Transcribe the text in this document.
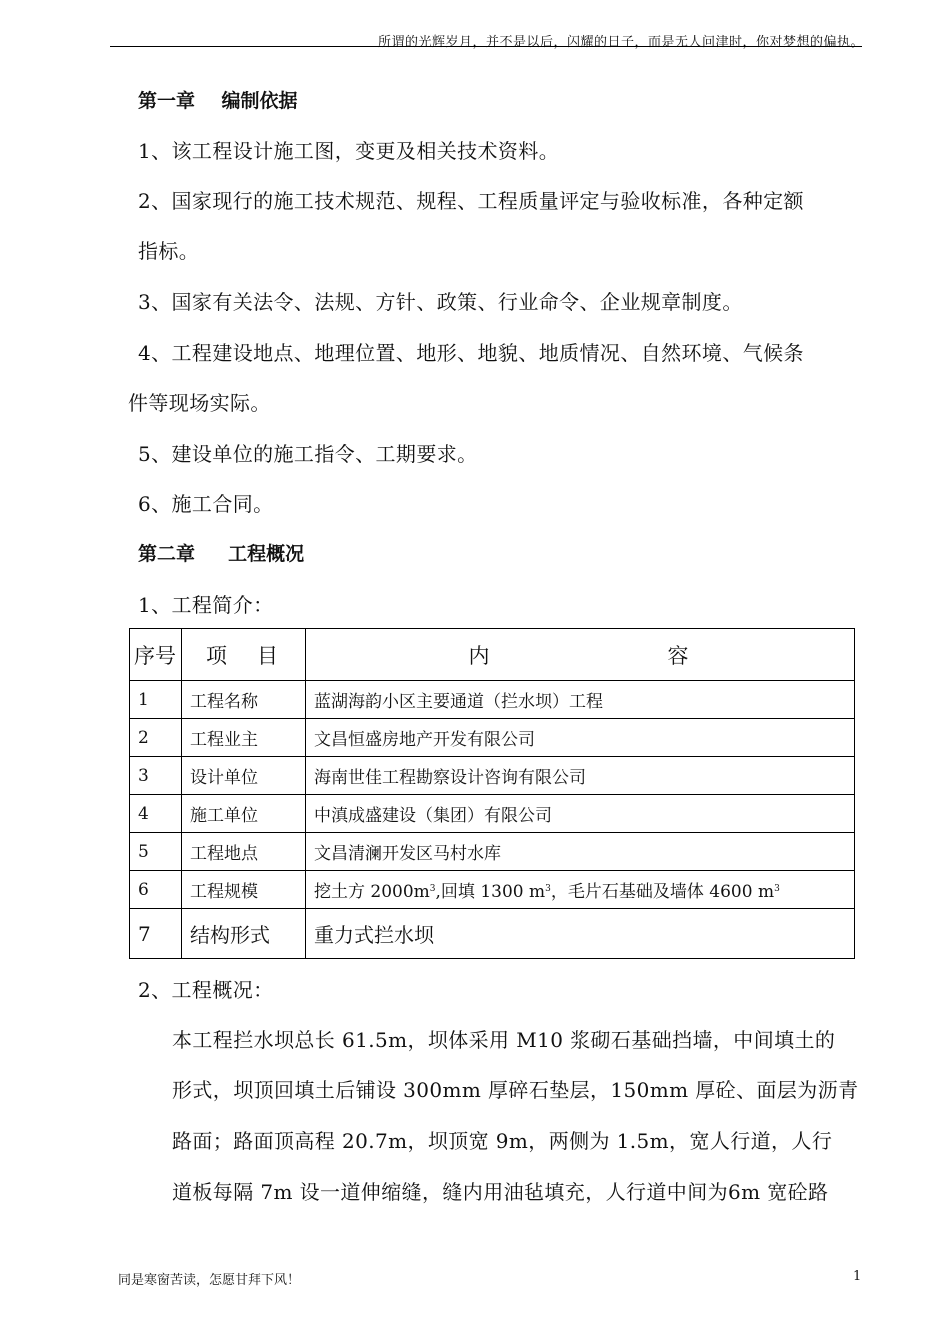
所谓的光辉岁月，并不是以后，闪耀的日子，而是无人问津时，你对梦想的偏执。
第一章    编制依据
1、该工程设计施工图，变更及相关技术资料。
2、国家现行的施工技术规范、规程、工程质量评定与验收标准，各种定额
指标。
3、国家有关法令、法规、方针、政策、行业命令、企业规章制度。
4、工程建设地点、地理位置、地形、地貌、地质情况、自然环境、气候条
件等现场实际。
5、建设单位的施工指令、工期要求。
6、施工合同。
第二章     工程概况
1、工程简介：
序号	项 目	内 容
1	工程名称	蓝湖海韵小区主要通道（拦水坝）工程
2	工程业主	文昌恒盛房地产开发有限公司
3	设计单位	海南世佳工程勘察设计咨询有限公司
4	施工单位	中滇成盛建设（集团）有限公司
5	工程地点	文昌清澜开发区马村水库
6	工程规模	挖土方 $2000m^3$,回填 1300 $m^3$，毛片石基础及墙体 4600 $m^3$
7	结构形式	重力式拦水坝
2、工程概况：
本工程拦水坝总长 61.5m，坝体采用 M10 浆砌石基础挡墙，中间填土的
形式，坝顶回填土后铺设 300mm 厚碎石垫层，150mm 厚砼、面层为沥青
路面；路面顶高程 20.7m，坝顶宽 9m，两侧为 1.5m，宽人行道，人行
道板每隔 7m 设一道伸缩缝，缝内用油毡填充，人行道中间为6m 宽砼路
同是寒窗苦读，怎愿甘拜下风！	1
